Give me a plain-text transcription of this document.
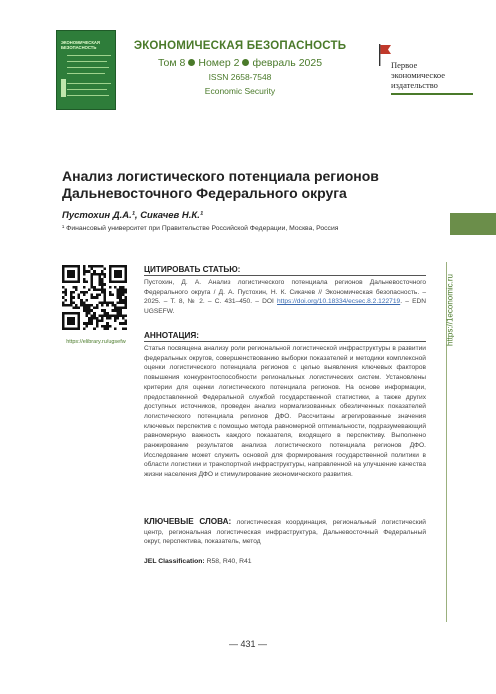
ЭКОНОМИЧЕСКАЯ БЕЗОПАСНОСТЬ	ЭКОНОМИЧЕСКАЯ БЕЗОПАСНОСТЬ
Том 8 Номер 2 февраль 2025
ISSN 2658-7548
Economic Security
Первое
экономическое
издательство
https://1economic.ru
Анализ логистического потенциала регионов Дальневосточного Федерального округа
Пустохин Д.А.¹, Сикачев Н.К.¹
¹ Финансовый университет при Правительстве Российской Федерации, Москва, Россия
https://elibrary.ru/ugsefw
ЦИТИРОВАТЬ СТАТЬЮ:
Пустохин, Д. А. Анализ логистического потенциала регионов Дальневосточного Федерального округа / Д. А. Пустохин, Н. К. Сикачев // Экономическая безопасность. – 2025. – Т. 8, № 2. – С. 431–450. – DOI https://doi.org/10.18334/ecsec.8.2.122719. – EDN UGSEFW.
АННОТАЦИЯ:
Статья посвящена анализу роли региональной логистической инфраструктуры в развитии федеральных округов, совершенствованию выборки показателей и методики комплексной оценки логистического потенциала регионов с целью выявления ключевых факторов повышения конкурентоспособности региональных логистических систем. Установлены критерии для оценки логистического потенциала регионов. На основе информации, предоставленной Федеральной службой государственной статистики, а также других доступных источников, проведен анализ нормализованных обезличенных показателей логистического потенциала регионов ДФО. Рассчитаны агрегированные значения ключевых перспектив с помощью метода равномерной оптимальности, подразумевающий равномерную важность каждого показателя, входящего в перспективу. Выполнено ранжирование результатов анализа логистического потенциала регионов ДФО. Исследование может служить основой для формирования государственной политики в области логистики и транспортной инфраструктуры, направленной на улучшение качества жизни населения ДФО и стимулирование экономического развития.
КЛЮЧЕВЫЕ СЛОВА: логистическая координация, региональный логистический центр, региональная логистическая инфраструктура, Дальневосточный Федеральный округ, перспектива, показатель, метод
JEL Classification: R58, R40, R41
— 431 —
